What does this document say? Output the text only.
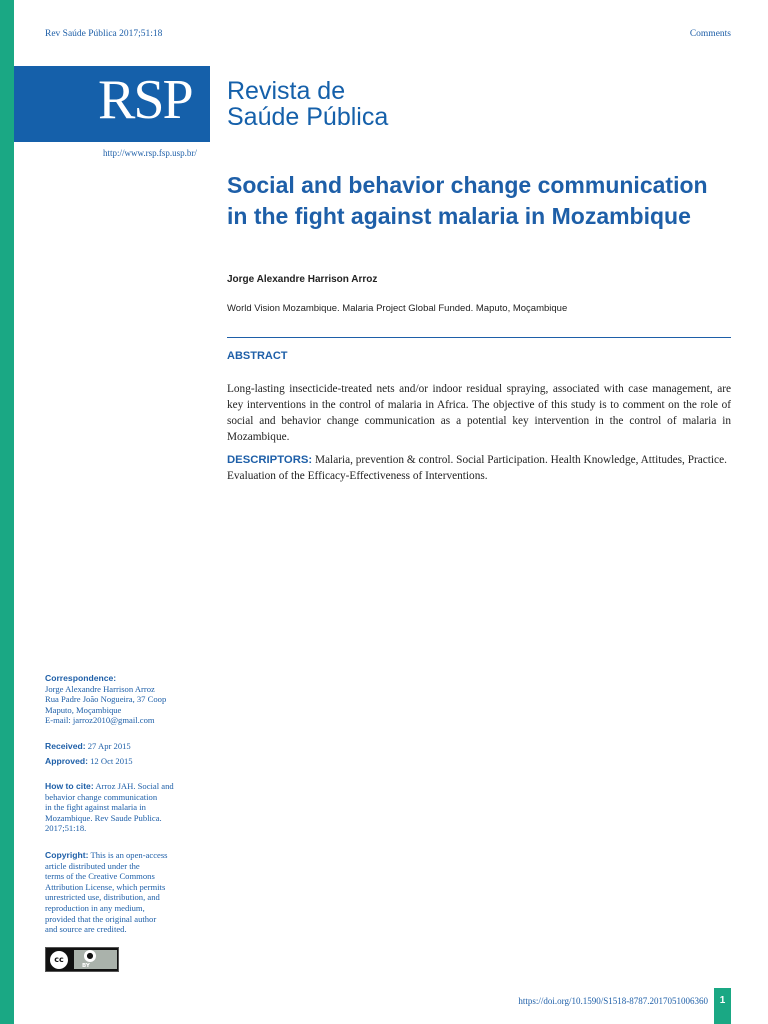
Rev Saúde Pública 2017;51:18	Comments
RSP Revista de
Saúde Pública
http://www.rsp.fsp.usp.br/
Social and behavior change communication in the fight against malaria in Mozambique
Jorge Alexandre Harrison Arroz
World Vision Mozambique. Malaria Project Global Funded. Maputo, Moçambique
ABSTRACT
Long-lasting insecticide-treated nets and/or indoor residual spraying, associated with case management, are key interventions in the control of malaria in Africa. The objective of this study is to comment on the role of social and behavior change communication as a potential key intervention in the control of malaria in Mozambique.
DESCRIPTORS: Malaria, prevention & control. Social Participation. Health Knowledge, Attitudes, Practice. Evaluation of the Efficacy-Effectiveness of Interventions.
Correspondence:
Jorge Alexandre Harrison Arroz
Rua Padre João Nogueira, 37 Coop
Maputo, Moçambique
E-mail: jarroz2010@gmail.com
Received: 27 Apr 2015
Approved: 12 Oct 2015
How to cite: Arroz JAH. Social and
behavior change communication
in the fight against malaria in
Mozambique. Rev Saude Publica.
2017;51:18.
Copyright: This is an open-access
article distributed under the
terms of the Creative Commons
Attribution License, which permits
unrestricted use, distribution, and
reproduction in any medium,
provided that the original author
and source are credited.
cc	●
BY
https://doi.org/10.1590/S1518-8787.2017051006360	1
